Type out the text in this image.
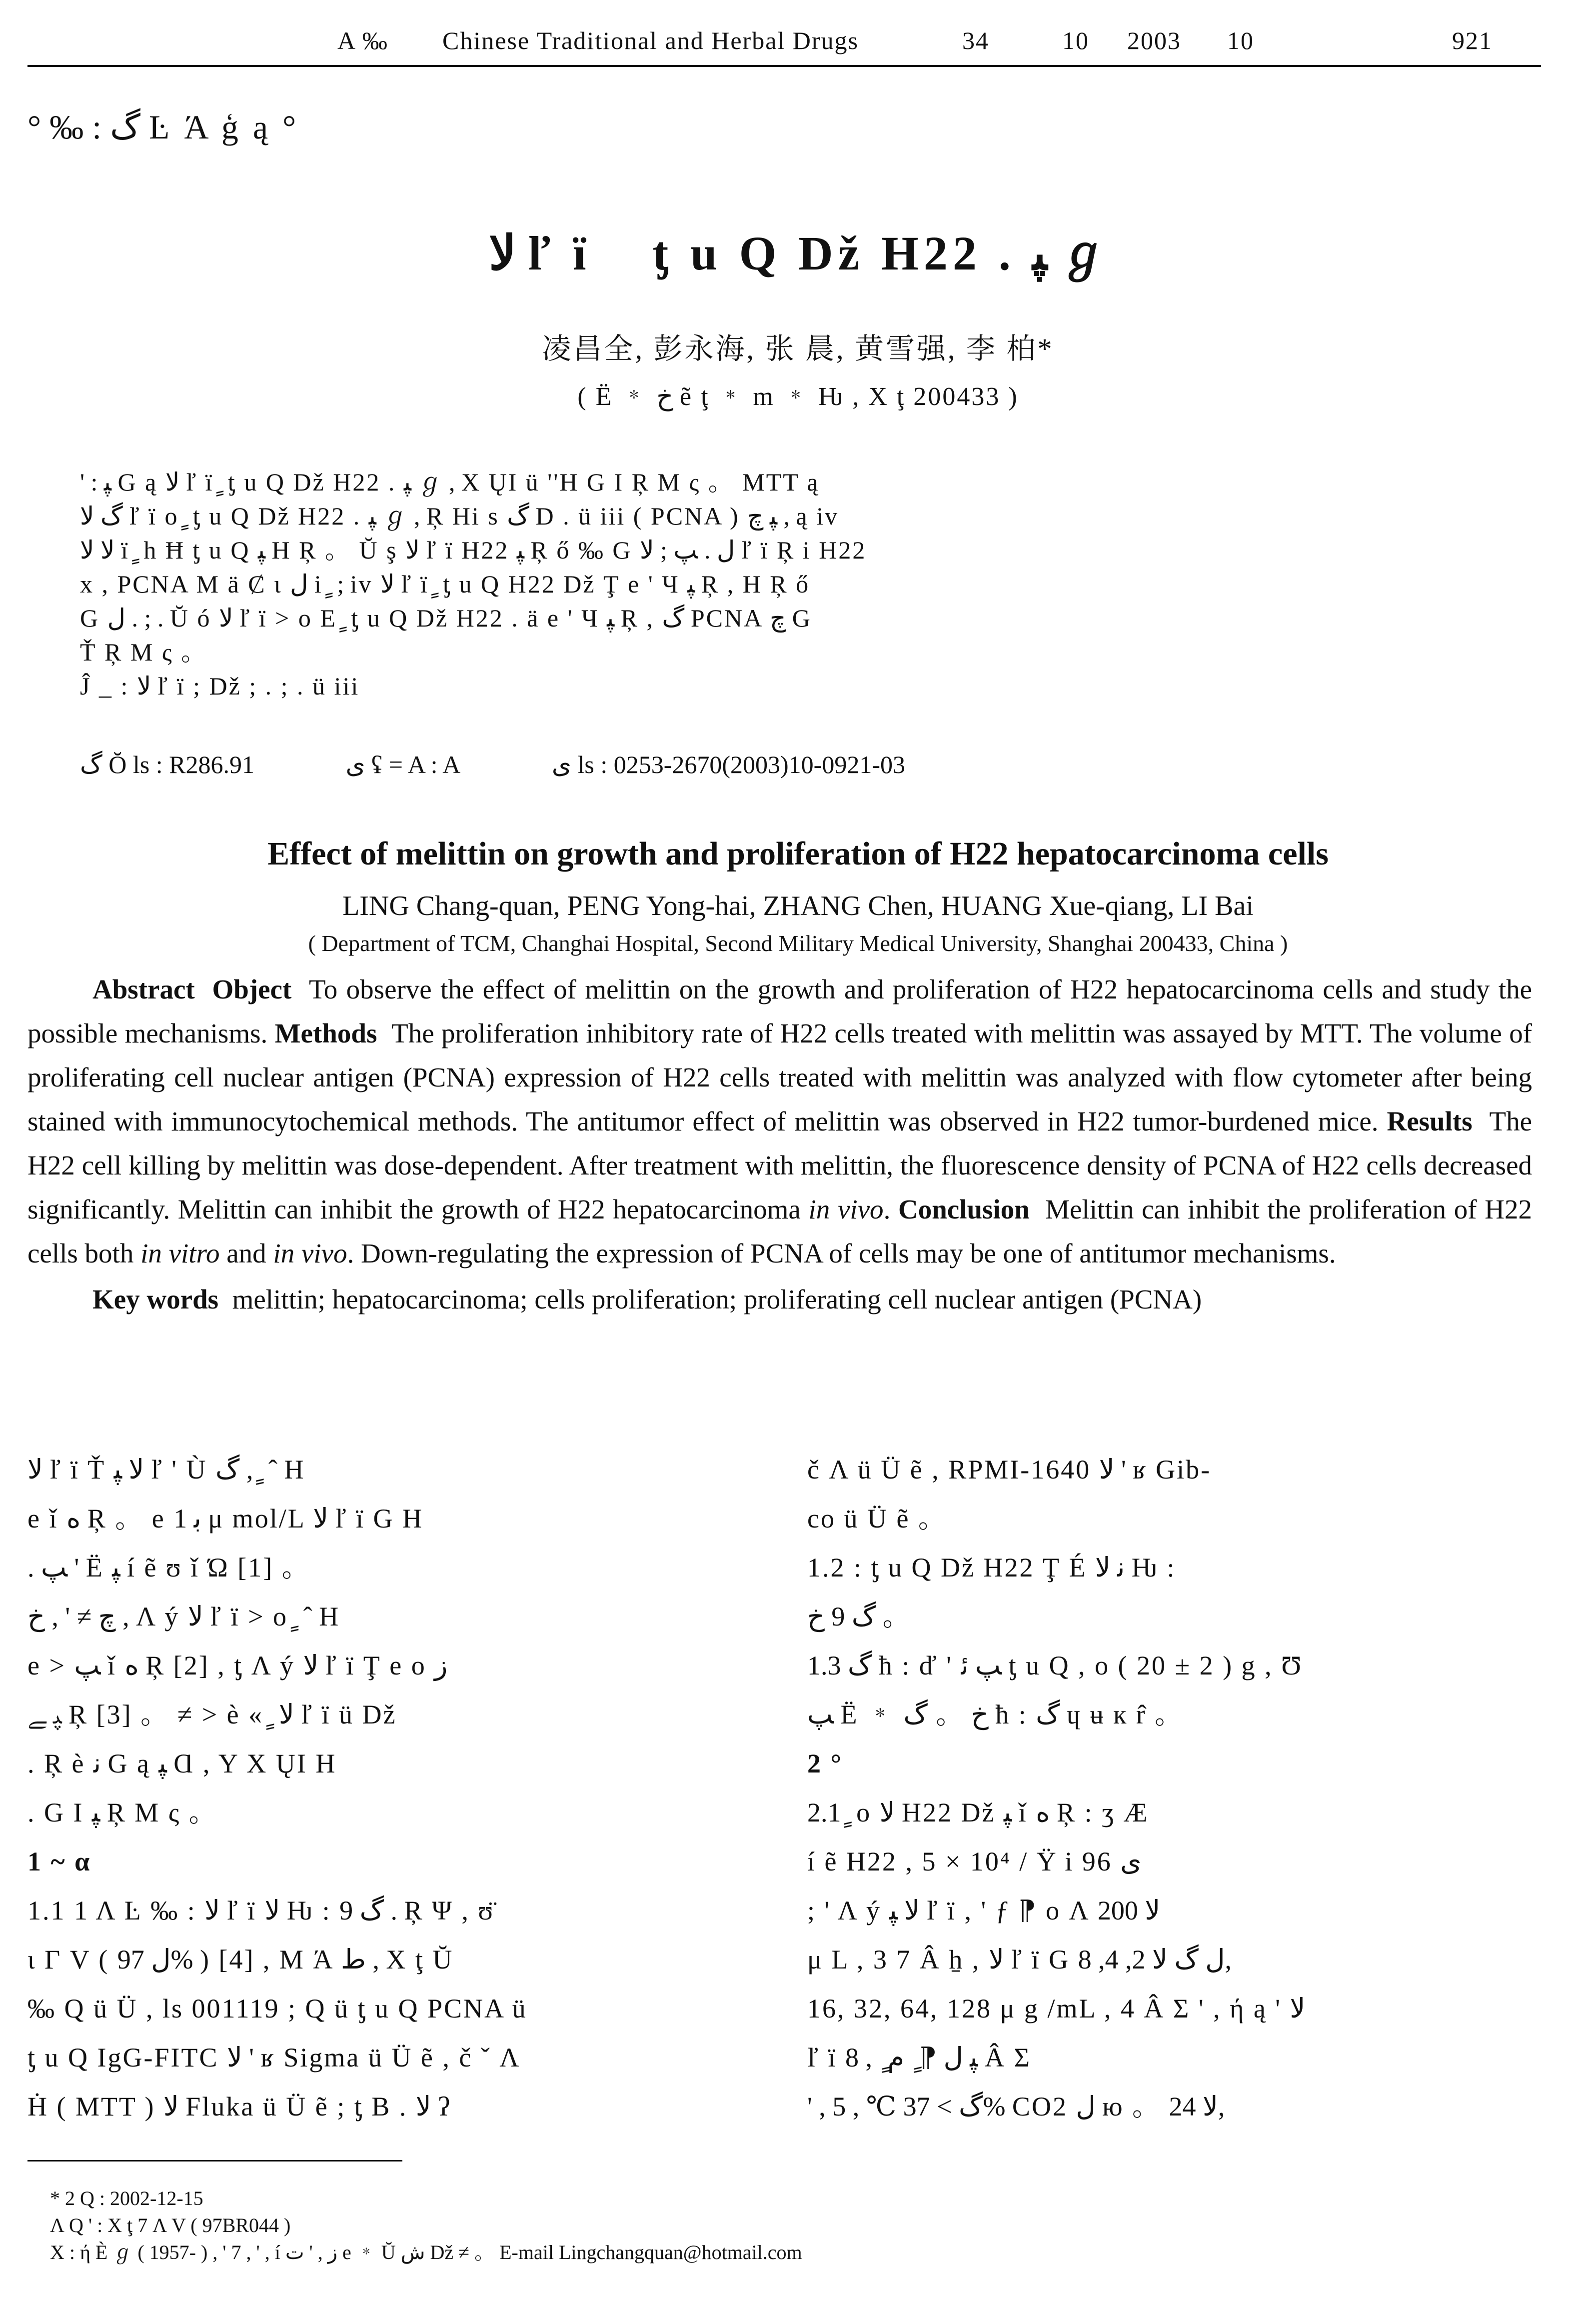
A ‰ Chinese Traditional and Herbal Drugs	34	10 2003 10	921
° ‰ : ﮒ Ŀ Ά ģ ą °
ﻻ ľ ï ٍ ƫ u Q Dž H22 . ﭙ ℊ
凌昌全, 彭永海, 张 晨, 黄雪强, 李 柏*
( Ë ﹡ ﺥ ẽ ţ ﹡ m ﹡ Ƕ , Χ ţ 200433 )

' : ﭙ G ą ﻻ ľ ï ٍ ƫ u Q Dž H22 . ﭙ ℊ , X ŲI ü ''H G I Ŗ M ς 。 MTT ą

ﮒ ﻻ ľ ï o ٍ ƫ u Q Dž H22 . ﭙ ℊ , Ŗ Hi s ﮒ D . ü iii ( PCNA ) ﭙ ﭺ , ą iv

ﻻ ﻻ ï ٍ h Ħ ƫ u Q ﭙ H Ŗ 。 Ŭ ş ﻻ ľ ï H22 ﭙ Ŗ ő ‰ G ﻝ . ﭗ ; ﻻ ľ ï Ŗ i H22

x , PCNA M ä Ȼ ι ﻝ i ٍ ; iv ﻻ ľ ï ٍ ƫ u Q H22 Dž Ţ е ' Ч ﭙ Ŗ , H Ŗ ő

G ﻝ . ; . Ŭ ó ﻻ ľ ï > o E ٍ ƫ u Q Dž H22 . ä e ' Ч ﭙ Ŗ , ﮒ PCNA ﭺ G

Ť Ŗ M ς 。

Ĵ _ : ﻻ ľ ï ; Dž ; . ; . ü iii

ﮒ Ŏ ls : R286.91	ﻯ ʢ = A : A	ﻯ ls : 0253-2670(2003)10-0921-03
Effect of melittin on growth and proliferation of H22 hepatocarcinoma cells
LING Chang-quan, PENG Yong-hai, ZHANG Chen, HUANG Xue-qiang, LI Bai
( Department of TCM, Changhai Hospital, Second Military Medical University, Shanghai 200433, China )

Abstract Object To observe the effect of melittin on the growth and proliferation of H22 hepatocarcinoma cells and study the possible mechanisms. Methods The proliferation inhibitory rate of H22 cells treated with melittin was assayed by MTT. The volume of proliferating cell nuclear antigen (PCNA) expression of H22 cells treated with melittin was analyzed with flow cytometer after being stained with immunocytochemical methods. The antitumor effect of melittin was observed in H22 tumor-burdened mice. Results The H22 cell killing by melittin was dose-dependent. After treatment with melittin, the fluorescence density of PCNA of H22 cells decreased significantly. Melittin can inhibit the growth of H22 hepatocarcinoma in vivo. Conclusion Melittin can inhibit the proliferation of H22 cells both in vitro and in vivo. Down-regulating the expression of PCNA of cells may be one of antitumor mechanisms.

Key words melittin; hepatocarcinoma; cells proliferation; proliferating cell nuclear antigen (PCNA)

ﻻ ľ ï Ť ﻻ ﭙ ľ ' Ù ﮒ , ٍ ˆ H

e ǐ ﻩ Ŗ 。 e ﺑ 1 μ mol/L ﻻ ľ ï G H

. ﭗ ' Ë ﭙ í ẽ ʊ ǐ Ώ [1] 。

ﭺ ≠ ' , ﺥ , Λ ý ﻻ ľ ï > o ٍ ˆ H

e > ﭗ ǐ ﻩ Ŗ [2] , ƫ Λ ý ﻻ ľ ï Ţ e o ﺯ

ﭙ ﮯ Ŗ [3] 。 ≠ > è « ٍ ﻻ ľ ï ü Dž

. Ŗ è ﻧ G ą ﭙ Ɑ , Y X ŲI H

. G I ﭙ Ŗ M ς 。

1 ~ α

1.1 1 Λ Ŀ ‰ : ﻻ ľ ï ﻻ Ƕ : ﮒ 9 . Ŗ Ψ , ʊ̈

ɩ Γ V ( ﻝ 97% ) [4] , M Ά ﻁ , X ţ Ŭ

‰ Q ü Ü , ls 001119 ; Q ü ƫ u Q PCNA ü

ƫ u Q IgG-FITC ﻻ ' ʁ Sigma ü Ü ẽ , č ˇ Λ

Ḣ ( MTT ) ﻻ Fluka ü Ü ẽ ; ƫ B . ﻻ ʔ

č Λ ü Ü ẽ , RPMI-1640 ﻻ ' ʁ Gib-

co ü Ü ẽ 。

1.2 : ƫ u Q Dž H22 Ţ É ﻧ ﻻ Ƕ :

ﮒ 9 ﺥ 。

1.3 ﮒ ħ : ď ' ﭗ ﺋ ƫ u Q , o ( 20 ± 2 ) g , Ʊ

ﭗ Ë ﹡ ﺥ 。 ﮒ ħ : ﮒ ɥ ʉ к r̂ 。

2 °

2.1 ٍ o ﻻ H22 Dž ﭙ ǐ ﻩ Ŗ : ʒ Æ

í ẽ H22 , 5 × 10⁴ / Ϋ i 96 ﻯ

; ' Λ ý ﻻ ﭙ ľ ï , ' ƒ ⁋ o Λ ﻻ 200

μ L , 3 7 Â ẖ , ﻻ ľ ï G ﻝ ﮒ ﻻ 2, 4, 8,

16, 32, 64, 128 μ g /mL , 4 Â Σ ' , ή ą ' ﻻ

ľ ï ﭙ ﻝ ⁋ ٍ ﻡ ٍ , 8 Â Σ

' , ﮒ > 37 ℃ , 5% CO2 ﻝ ю 。 ﻻ 24,

* 2 Q : 2002-12-15

Λ Q ' : X ţ 7 Λ V ( 97BR044 )

X : ή È ℊ ( 1957- ) , ' 7 , ' , í ﺯ , ' ﺕ e ﹡ Ŭ ﺵ Dž ≠ 。 E-mail Lingchangquan@hotmail.com
